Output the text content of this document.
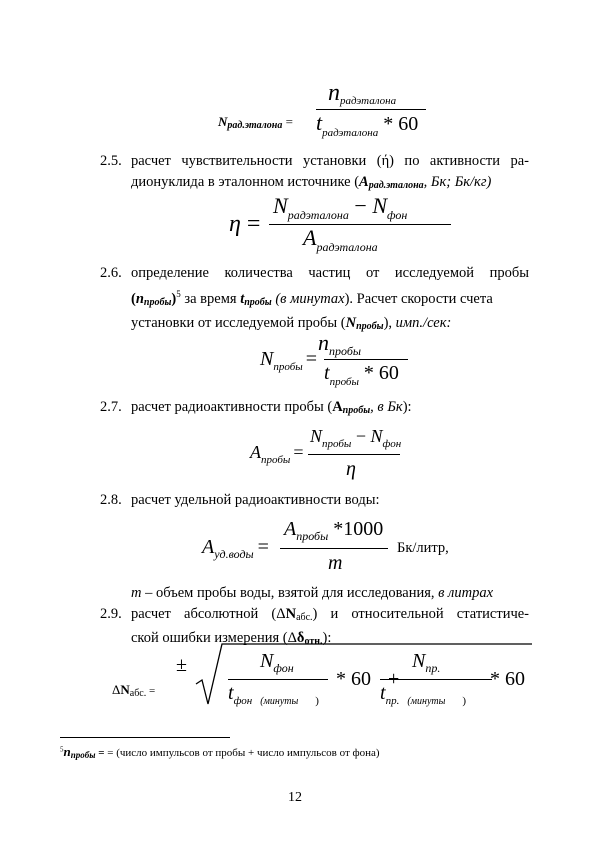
nрадэталона
Nрад.эталона = $t_{радэталона} * 60$
2.5. расчет чувствительности установки (ή) по активности ра-
дионуклида в эталонном источнике (Арад.эталона, Бк; Бк/кг)
$N_{радэталона} - N_{фон}$
η =
$A_{радэталона}$
2.6. определение количества частиц от исследуемой пробы
(nпробы)$^5$ за время tпробы (в минутах). Расчет скорости счета
установки от исследуемой пробы (Nпробы), имп./сек:
$n_{пробы}$
$N_{пробы}$ =
$t_{пробы} * 60$
2.7. расчет радиоактивности пробы (Апробы, в Бк):
$N_{пробы} - N_{фон}$
$A_{пробы}$ =
η
2.8. расчет удельной радиоактивности воды:
$A_{пробы}$ *1000
$A_{уд.воды}$ =
m
Бк/литр,
m – объем пробы воды, взятой для исследования, в литрах
2.9. расчет абсолютной (ΔNабс.) и относительной статистиче-
ской ошибки измерения (Δδотн.):
ΔNабс. =
±	$N_{фон}$
$t_{фон}$ $_{(минуты}$ $_)$
* 60 +
$N_{пр.}$
$t_{пр.}$ $_{(минуты}$ $_)$
* 60
$^5$nпробы = = (число импульсов от пробы + число импульсов от фона)
12
